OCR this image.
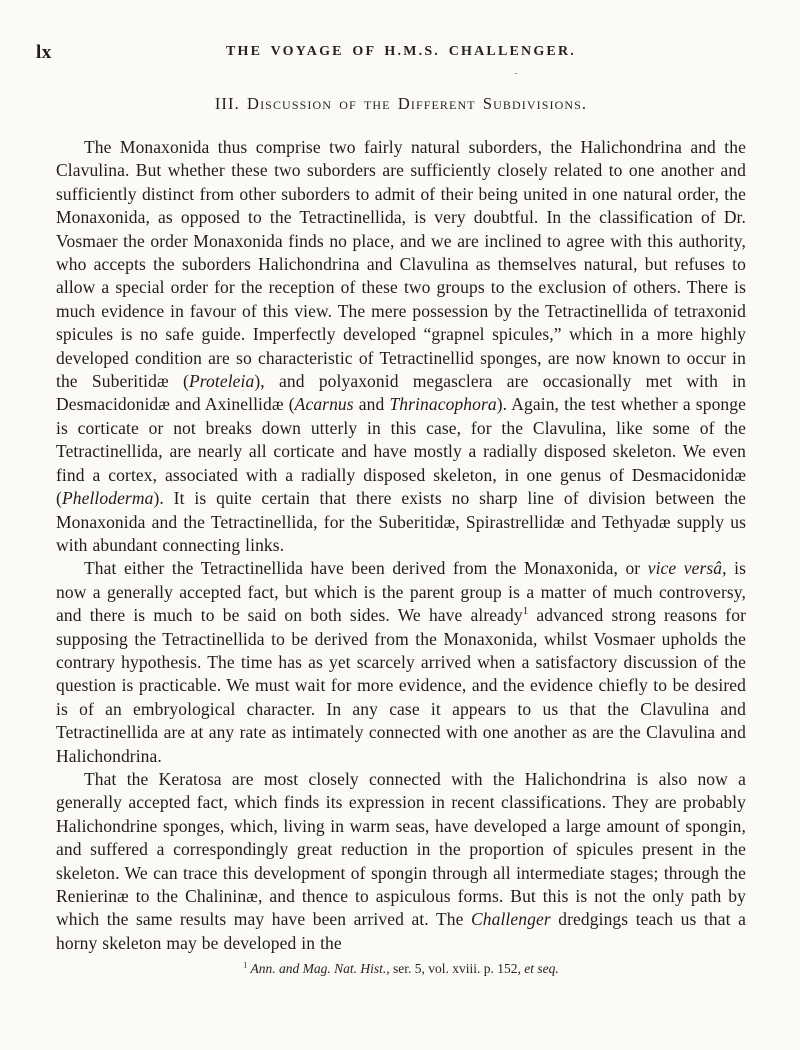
lx	THE VOYAGE OF H.M.S. CHALLENGER.
-
III. Discussion of the Different Subdivisions.

The Monaxonida thus comprise two fairly natural suborders, the Halichondrina and the Clavulina. But whether these two suborders are sufficiently closely related to one another and sufficiently distinct from other suborders to admit of their being united in one natural order, the Monaxonida, as opposed to the Tetractinellida, is very doubtful. In the classification of Dr. Vosmaer the order Monaxonida finds no place, and we are inclined to agree with this authority, who accepts the suborders Halichondrina and Clavulina as themselves natural, but refuses to allow a special order for the reception of these two groups to the exclusion of others. There is much evidence in favour of this view. The mere possession by the Tetractinellida of tetraxonid spicules is no safe guide. Imperfectly developed “grapnel spicules,” which in a more highly developed condition are so characteristic of Tetractinellid sponges, are now known to occur in the Suberitidæ (Proteleia), and polyaxonid megasclera are occasionally met with in Desmacidonidæ and Axinellidæ (Acarnus and Thrinacophora). Again, the test whether a sponge is corticate or not breaks down utterly in this case, for the Clavulina, like some of the Tetractinellida, are nearly all corticate and have mostly a radially disposed skeleton. We even find a cortex, associated with a radially disposed skeleton, in one genus of Desmacidonidæ (Phelloderma). It is quite certain that there exists no sharp line of division between the Monaxonida and the Tetractinellida, for the Suberitidæ, Spirastrellidæ and Tethyadæ supply us with abundant connecting links.

That either the Tetractinellida have been derived from the Monaxonida, or vice versâ, is now a generally accepted fact, but which is the parent group is a matter of much controversy, and there is much to be said on both sides. We have already$^1$ advanced strong reasons for supposing the Tetractinellida to be derived from the Monaxonida, whilst Vosmaer upholds the contrary hypothesis. The time has as yet scarcely arrived when a satisfactory discussion of the question is practicable. We must wait for more evidence, and the evidence chiefly to be desired is of an embryological character. In any case it appears to us that the Clavulina and Tetractinellida are at any rate as intimately connected with one another as are the Clavulina and Halichondrina.

That the Keratosa are most closely connected with the Halichondrina is also now a generally accepted fact, which finds its expression in recent classifications. They are probably Halichondrine sponges, which, living in warm seas, have developed a large amount of spongin, and suffered a correspondingly great reduction in the proportion of spicules present in the skeleton. We can trace this development of spongin through all intermediate stages; through the Renierinæ to the Chalininæ, and thence to aspiculous forms. But this is not the only path by which the same results may have been arrived at. The Challenger dredgings teach us that a horny skeleton may be developed in the

$^1$ Ann. and Mag. Nat. Hist., ser. 5, vol. xviii. p. 152, et seq.
